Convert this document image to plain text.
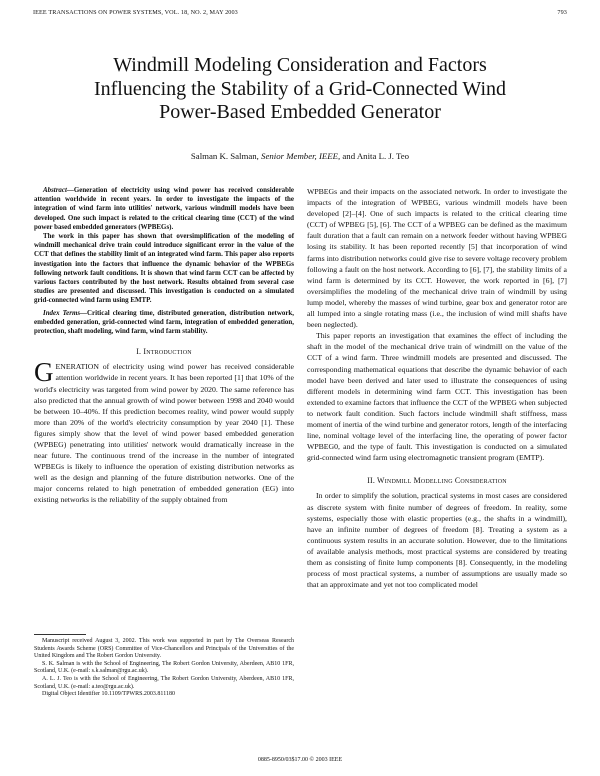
IEEE TRANSACTIONS ON POWER SYSTEMS, VOL. 18, NO. 2, MAY 2003	793
Windmill Modeling Consideration and Factors
Influencing the Stability of a Grid-Connected Wind
Power-Based Embedded Generator
Salman K. Salman, Senior Member, IEEE, and Anita L. J. Teo

Abstract—Generation of electricity using wind power has received considerable attention worldwide in recent years. In order to investigate the impacts of the integration of wind farm into utilities' network, various windmill models have been developed. One such impact is related to the critical clearing time (CCT) of the wind power based embedded generators (WPBEGs).

The work in this paper has shown that oversimplification of the modeling of windmill mechanical drive train could introduce significant error in the value of the CCT that defines the stability limit of an integrated wind farm. This paper also reports investigation into the factors that influence the dynamic behavior of the WPBEGs following network fault conditions. It is shown that wind farm CCT can be affected by various factors contributed by the host network. Results obtained from several case studies are presented and discussed. This investigation is conducted on a simulated grid-connected wind farm using EMTP.

Index Terms—Critical clearing time, distributed generation, distribution network, embedded generation, grid-connected wind farm, integration of embedded generation, protection, shaft modeling, wind farm, wind farm stability.

I. Introduction

GENERATION of electricity using wind power has received considerable attention worldwide in recent years. It has been reported [1] that 10% of the world's electricity was targeted from wind power by 2020. The same reference has also predicted that the annual growth of wind power between 1998 and 2040 would be between 10–40%. If this prediction becomes reality, wind power would supply more than 20% of the world's electricity consumption by year 2040 [1]. These figures simply show that the level of wind power based embedded generation (WPBEG) penetrating into utilities' network would dramatically increase in the near future. The continuous trend of the increase in the number of integrated WPBEGs is likely to influence the operation of existing distribution networks as well as the design and planning of the future distribution networks. One of the major concerns related to high penetration of embedded generation (EG) into existing networks is the reliability of the supply obtained from

Manuscript received August 3, 2002. This work was supported in part by The Overseas Research Students Awards Scheme (ORS) Committee of Vice-Chancellors and Principals of the Universities of the United Kingdom and The Robert Gordon University.

S. K. Salman is with the School of Engineering, The Robert Gordon University, Aberdeen, AB10 1FR, Scotland, U.K. (e-mail: s.k.salman@rgu.ac.uk).

A. L. J. Teo is with the School of Engineering, The Robert Gordon University, Aberdeen, AB10 1FR, Scotland, U.K. (e-mail: a.teo@rgu.ac.uk).

Digital Object Identifier 10.1109/TPWRS.2003.811180

WPBEGs and their impacts on the associated network. In order to investigate the impacts of the integration of WPBEG, various windmill models have been developed [2]–[4]. One of such impacts is related to the critical clearing time (CCT) of WPBEG [5], [6]. The CCT of a WPBEG can be defined as the maximum fault duration that a fault can remain on a network feeder without having WPBEG losing its stability. It has been reported recently [5] that incorporation of wind farms into distribution networks could give rise to severe voltage recovery problem following a fault on the host network. According to [6], [7], the stability limits of a wind farm is determined by its CCT. However, the work reported in [6], [7] oversimplifies the modeling of the mechanical drive train of windmill by using lump model, whereby the masses of wind turbine, gear box and generator rotor are all lumped into a single rotating mass (i.e., the inclusion of wind mill shafts have been neglected).

This paper reports an investigation that examines the effect of including the shaft in the model of the mechanical drive train of windmill on the value of the CCT of a wind farm. Three windmill models are presented and discussed. The corresponding mathematical equations that describe the dynamic behavior of each model have been derived and later used to illustrate the consequences of using different models in determining wind farm CCT. This investigation has been extended to examine factors that influence the CCT of the WPBEG when subjected to network fault condition. Such factors include windmill shaft stiffness, mass moment of inertia of the wind turbine and generator rotors, length of the interfacing line, nominal voltage level of the interfacing line, the operating of power factor WPBEG0, and the type of fault. This investigation is conducted on a simulated grid-connected wind farm using electromagnetic transient program (EMTP).

II. Windmill Modelling Consideration

In order to simplify the solution, practical systems in most cases are considered as discrete system with finite number of degrees of freedom. In reality, some systems, especially those with elastic properties (e.g., the shafts in a windmill), have an infinite number of degrees of freedom [8]. Treating a system as a continuous system results in an accurate solution. However, due to the limitations of available analysis methods, most practical systems are considered by treating them as consisting of finite lump components [8]. Consequently, in the modeling process of most practical systems, a number of assumptions are usually made so that an approximate and yet not too complicated model

0885-8950/03$17.00 © 2003 IEEE
